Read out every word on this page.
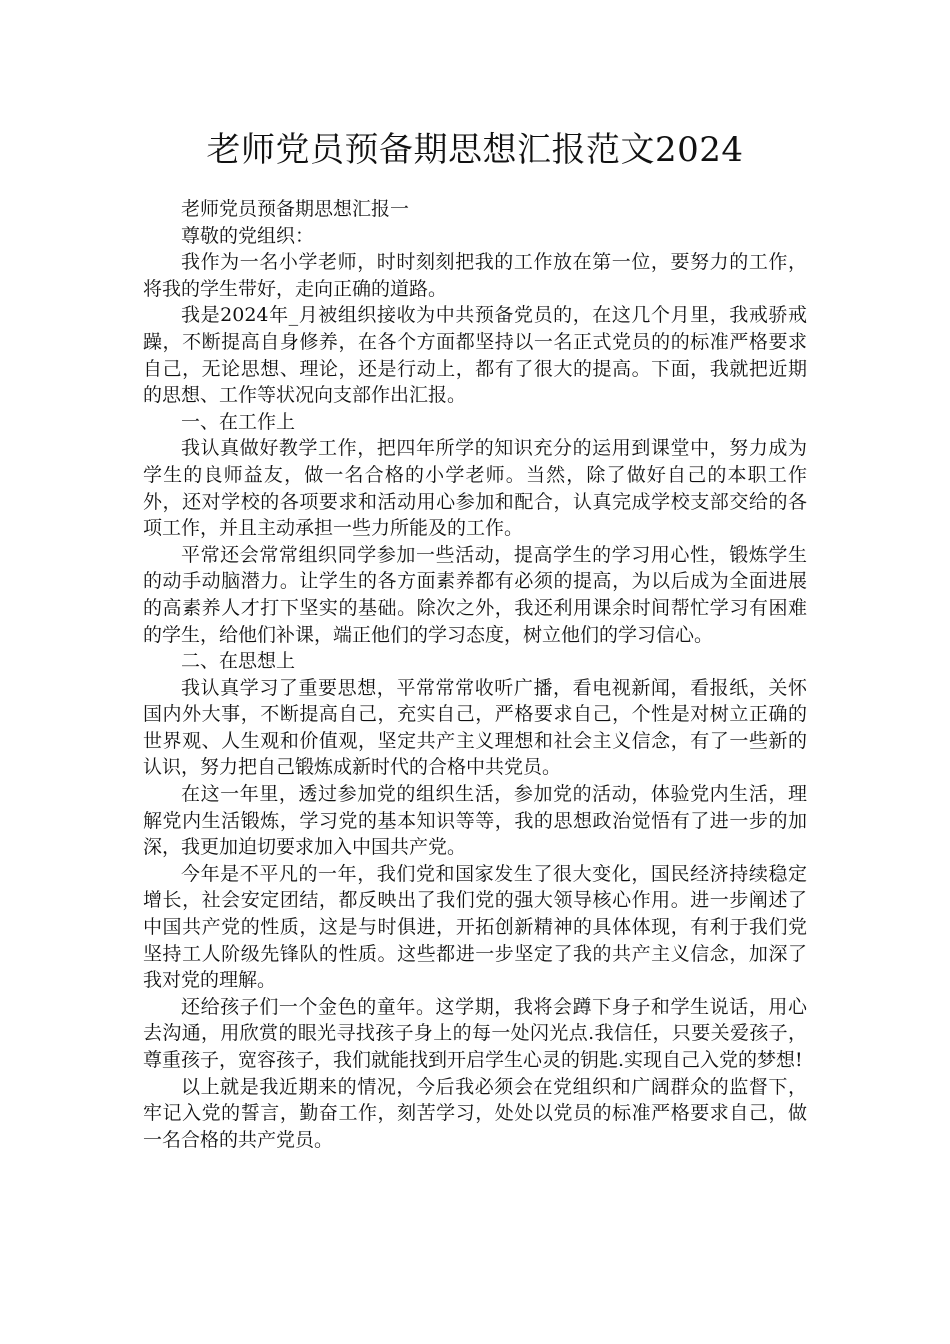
老师党员预备期思想汇报范文2024

老师党员预备期思想汇报一

尊敬的党组织：

我作为一名小学老师，时时刻刻把我的工作放在第一位，要努力的工作，将我的学生带好，走向正确的道路。

我是2024年_月被组织接收为中共预备党员的，在这几个月里，我戒骄戒躁，不断提高自身修养，在各个方面都坚持以一名正式党员的的标准严格要求自己，无论思想、理论，还是行动上，都有了很大的提高。下面，我就把近期的思想、工作等状况向支部作出汇报。

一、在工作上

我认真做好教学工作，把四年所学的知识充分的运用到课堂中，努力成为学生的良师益友，做一名合格的小学老师。当然，除了做好自己的本职工作外，还对学校的各项要求和活动用心参加和配合，认真完成学校支部交给的各项工作，并且主动承担一些力所能及的工作。

平常还会常常组织同学参加一些活动，提高学生的学习用心性，锻炼学生的动手动脑潜力。让学生的各方面素养都有必须的提高，为以后成为全面进展的高素养人才打下坚实的基础。除次之外，我还利用课余时间帮忙学习有困难的学生，给他们补课，端正他们的学习态度，树立他们的学习信心。

二、在思想上

我认真学习了重要思想，平常常常收听广播，看电视新闻，看报纸，关怀国内外大事，不断提高自己，充实自己，严格要求自己，个性是对树立正确的世界观、人生观和价值观，坚定共产主义理想和社会主义信念，有了一些新的认识，努力把自己锻炼成新时代的合格中共党员。

在这一年里，透过参加党的组织生活，参加党的活动，体验党内生活，理解党内生活锻炼，学习党的基本知识等等，我的思想政治觉悟有了进一步的加深，我更加迫切要求加入中国共产党。

今年是不平凡的一年，我们党和国家发生了很大变化，国民经济持续稳定增长，社会安定团结，都反映出了我们党的强大领导核心作用。进一步阐述了中国共产党的性质，这是与时俱进，开拓创新精神的具体体现，有利于我们党坚持工人阶级先锋队的性质。这些都进一步坚定了我的共产主义信念，加深了我对党的理解。

还给孩子们一个金色的童年。这学期，我将会蹲下身子和学生说话，用心去沟通，用欣赏的眼光寻找孩子身上的每一处闪光点.我信任，只要关爱孩子，尊重孩子，宽容孩子，我们就能找到开启学生心灵的钥匙.实现自己入党的梦想!

以上就是我近期来的情况，今后我必须会在党组织和广阔群众的监督下，牢记入党的誓言，勤奋工作，刻苦学习，处处以党员的标准严格要求自己，做一名合格的共产党员。
